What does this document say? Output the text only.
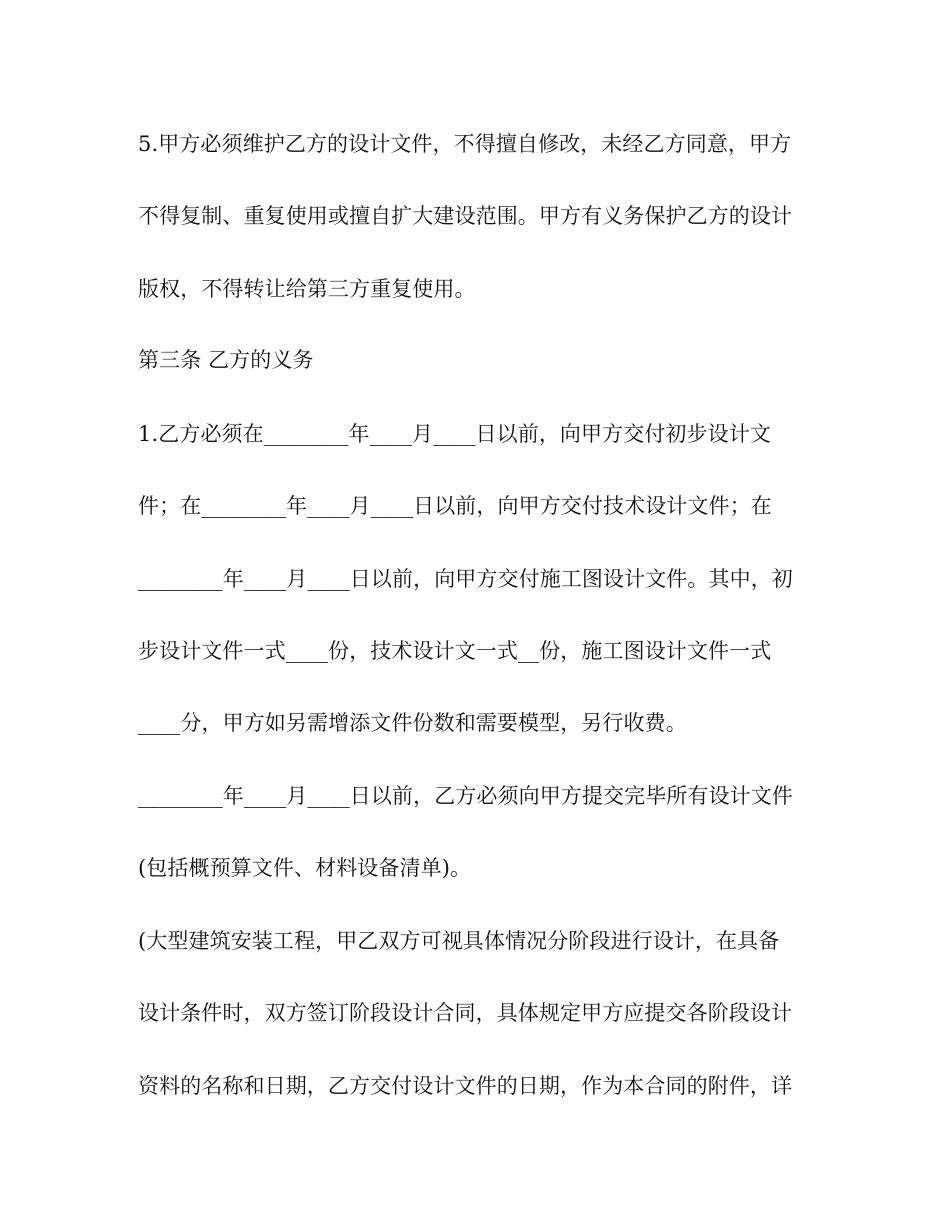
5.甲方必须维护乙方的设计文件，不得擅自修改，未经乙方同意，甲方
不得复制、重复使用或擅自扩大建设范围。甲方有义务保护乙方的设计
版权，不得转让给第三方重复使用。
第三条 乙方的义务
1.乙方必须在________年____月____日以前，向甲方交付初步设计文
件；在________年____月____日以前，向甲方交付技术设计文件；在
________年____月____日以前，向甲方交付施工图设计文件。其中，初
步设计文件一式____份，技术设计文一式__份，施工图设计文件一式
____分，甲方如另需增添文件份数和需要模型，另行收费。
________年____月____日以前，乙方必须向甲方提交完毕所有设计文件
(包括概预算文件、材料设备清单)。
(大型建筑安装工程，甲乙双方可视具体情况分阶段进行设计，在具备
设计条件时，双方签订阶段设计合同，具体规定甲方应提交各阶段设计
资料的名称和日期，乙方交付设计文件的日期，作为本合同的附件，详
